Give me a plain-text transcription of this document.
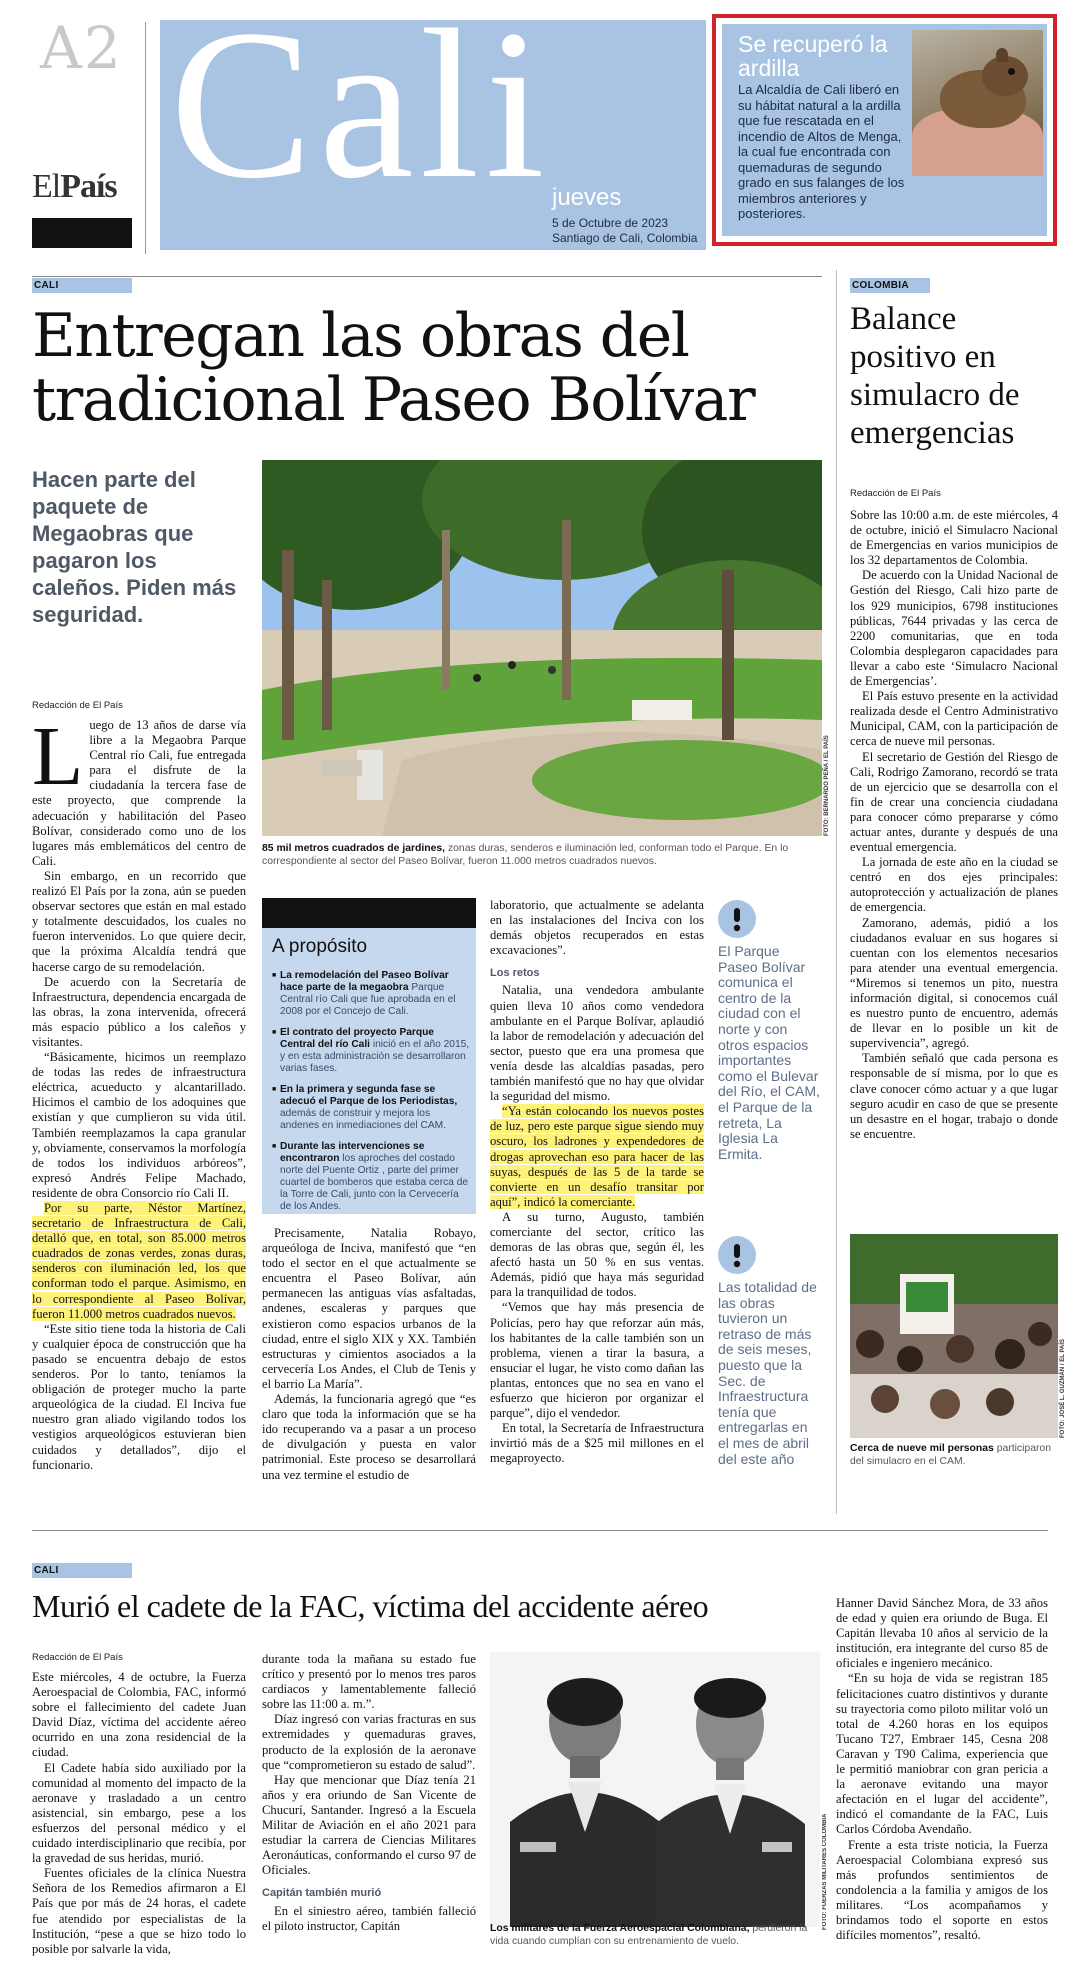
A2
ElPaís Cali jueves
5 de Octubre de 2023
Santiago de Cali, Colombia
Se recuperó la ardilla

La Alcaldía de Cali liberó en su hábitat natural a la ardilla que fue rescatada en el incendio de Altos de Menga, la cual fue encontrada con quemaduras de segundo grado en sus falanges de los miembros anteriores y posteriores.

CALI
Entregan las obras del
tradicional Paseo Bolívar
Hacen parte del paquete de Megaobras que pagaron los caleños. Piden más seguridad.
FOTO: BERNARDO PEÑA / EL PAÍS
85 mil metros cuadrados de jardines, zonas duras, senderos e iluminación led, conforman todo el Parque. En lo correspondiente al sector del Paseo Bolívar, fueron 11.000 metros cuadrados nuevos.
Redacción de El País

Luego de 13 años de darse vía libre a la Megaobra Parque Central río Cali, fue entregada para el disfrute de la ciudadanía la tercera fase de este proyecto, que comprende la adecuación y habilitación del Paseo Bolívar, considerado como uno de los lugares más emblemáticos del centro de Cali.

Sin embargo, en un recorrido que realizó El País por la zona, aún se pueden observar sectores que están en mal estado y totalmente descuidados, los cuales no fueron intervenidos. Lo que quiere decir, que la próxima Alcaldía tendrá que hacerse cargo de su remodelación.

De acuerdo con la Secretaría de Infraestructura, dependencia encargada de las obras, la zona intervenida, ofrecerá más espacio público a los caleños y visitantes.

“Básicamente, hicimos un reemplazo de todas las redes de infraestructura eléctrica, acueducto y alcantarillado. Hicimos el cambio de los adoquines que existían y que cumplieron su vida útil. También reemplazamos la capa granular y, obviamente, conservamos la morfología de todos los individuos arbóreos”, expresó Andrés Felipe Machado, residente de obra Consorcio río Cali II.

Por su parte, Néstor Martínez, secretario de Infraestructura de Cali, detalló que, en total, son 85.000 metros cuadrados de zonas verdes, zonas duras, senderos con iluminación led, los que conforman todo el parque. Asimismo, en lo correspondiente al Paseo Bolívar, fueron 11.000 metros cuadrados nuevos.

“Este sitio tiene toda la historia de Cali y cualquier época de construcción que ha pasado se encuentra debajo de estos senderos. Por lo tanto, teníamos la obligación de proteger mucho la parte arqueológica de la ciudad. El Inciva fue nuestro gran aliado vigilando todos los vestigios arqueológicos estuvieran bien cuidados y detallados”, dijo el funcionario.

A propósito
■ La remodelación del Paseo Bolívar hace parte de la megaobra Parque Central río Cali que fue aprobada en el 2008 por el Concejo de Cali.
■ El contrato del proyecto Parque Central del río Cali inició en el año 2015, y en esta administración se desarrollaron varias fases.
■ En la primera y segunda fase se adecuó el Parque de los Periodistas, además de construir y mejora los andenes en inmediaciones del CAM.
■ Durante las intervenciones se encontraron los aproches del costado norte del Puente Ortiz , parte del primer cuartel de bomberos que estaba cerca de la Torre de Cali, junto con la Cervecería de los Andes.

Precisamente, Natalia Robayo, arqueóloga de Inciva, manifestó que “en todo el sector en el que actualmente se encuentra el Paseo Bolívar, aún permanecen las antiguas vías asfaltadas, andenes, escaleras y parques que existieron como espacios urbanos de la ciudad, entre el siglo XIX y XX. También estructuras y cimientos asociados a la cervecería Los Andes, el Club de Tenis y el barrio La María”.

Además, la funcionaria agregó que “es claro que toda la información que se ha ido recuperando va a pasar a un proceso de divulgación y puesta en valor patrimonial. Este proceso se desarrollará una vez termine el estudio de

laboratorio, que actualmente se adelanta en las instalaciones del Inciva con los demás objetos recuperados en estas excavaciones”.

Los retos

Natalia, una vendedora ambulante quien lleva 10 años como vendedora ambulante en el Parque Bolívar, aplaudió la labor de remodelación y adecuación del sector, puesto que era una promesa que venía desde las alcaldías pasadas, pero también manifestó que no hay que olvidar la seguridad del mismo.

“Ya están colocando los nuevos postes de luz, pero este parque sigue siendo muy oscuro, los ladrones y expendedores de drogas aprovechan eso para hacer de las suyas, después de las 5 de la tarde se convierte en un desafío transitar por aquí”, indicó la comerciante.

A su turno, Augusto, también comerciante del sector, crítico las demoras de las obras que, según él, les afectó hasta un 50 % en sus ventas. Además, pidió que haya más seguridad para la tranquilidad de todos.

“Vemos que hay más presencia de Policías, pero hay que reforzar aún más, los habitantes de la calle también son un problema, vienen a tirar la basura, a ensuciar el lugar, he visto como dañan las plantas, entonces que no sea en vano el esfuerzo que hicieron por organizar el parque”, dijo el vendedor.

En total, la Secretaría de Infraestructura invirtió más de a $25 mil millones en el megaproyecto.

El Parque Paseo Bolívar comunica el centro de la ciudad con el norte y con otros espacios importantes como el Bulevar del Río, el CAM, el Parque de la retreta, La Iglesia La Ermita.
Las totalidad de las obras tuvieron un retraso de más de seis meses, puesto que la Sec. de Infraestructura tenía que entregarlas en el mes de abril del este año
COLOMBIA
Balance positivo en simulacro de emergencias
Redacción de El País

Sobre las 10:00 a.m. de este miércoles, 4 de octubre, inició el Simulacro Nacional de Emergencias en varios municipios de los 32 departamentos de Colombia.

De acuerdo con la Unidad Nacional de Gestión del Riesgo, Cali hizo parte de los 929 municipios, 6798 instituciones públicas, 7644 privadas y las cerca de 2200 comunitarias, que en toda Colombia desplegaron capacidades para llevar a cabo este ‘Simulacro Nacional de Emergencias’.

El País estuvo presente en la actividad realizada desde el Centro Administrativo Municipal, CAM, con la participación de cerca de nueve mil personas.

El secretario de Gestión del Riesgo de Cali, Rodrigo Zamorano, recordó se trata de un ejercicio que se desarrolla con el fin de crear una conciencia ciudadana para conocer cómo prepararse y cómo actuar antes, durante y después de una eventual emergencia.

La jornada de este año en la ciudad se centró en dos ejes principales: autoprotección y actualización de planes de emergencia.

Zamorano, además, pidió a los ciudadanos evaluar en sus hogares si cuentan con los elementos necesarios para atender una eventual emergencia. “Miremos si tenemos un pito, nuestra información digital, si conocemos cuál es nuestro punto de encuentro, además de llevar en lo posible un kit de supervivencia”, agregó.

También señaló que cada persona es responsable de sí misma, por lo que es clave conocer cómo actuar y a que lugar seguro acudir en caso de que se presente un desastre en el hogar, trabajo o donde se encuentre.

FOTO: JOSÉ L. GUZMÁN / EL PAÍS
Cerca de nueve mil personas participaron del simulacro en el CAM.
CALI
Murió el cadete de la FAC, víctima del accidente aéreo
Redacción de El País

Este miércoles, 4 de octubre, la Fuerza Aeroespacial de Colombia, FAC, informó sobre el fallecimiento del cadete Juan David Díaz, víctima del accidente aéreo ocurrido en una zona residencial de la ciudad.

El Cadete había sido auxiliado por la comunidad al momento del impacto de la aeronave y trasladado a un centro asistencial, sin embargo, pese a los esfuerzos del personal médico y el cuidado interdisciplinario que recibía, por la gravedad de sus heridas, murió.

Fuentes oficiales de la clínica Nuestra Señora de los Remedios afirmaron a El País que por más de 24 horas, el cadete fue atendido por especialistas de la Institución, “pese a que se hizo todo lo posible por salvarle la vida,

durante toda la mañana su estado fue crítico y presentó por lo menos tres paros cardiacos y lamentablemente falleció sobre las 11:00 a. m.”.

Díaz ingresó con varias fracturas en sus extremidades y quemaduras graves, producto de la explosión de la aeronave que “comprometieron su estado de salud”.

Hay que mencionar que Díaz tenía 21 años y era oriundo de San Vicente de Chucurí, Santander. Ingresó a la Escuela Militar de Aviación en el año 2021 para estudiar la carrera de Ciencias Militares Aeronáuticas, conformando el curso 97 de Oficiales.

Capitán también murió

En el siniestro aéreo, también falleció el piloto instructor, Capitán	Los militares de la Fuerza Aeroespacial Colombiana, perdieron la vida cuando cumplían con su entrenamiento de vuelo.
FOTO: FUERZAS MILITARES COLOMBIA

Hanner David Sánchez Mora, de 33 años de edad y quien era oriundo de Buga. El Capitán llevaba 10 años al servicio de la institución, era integrante del curso 85 de oficiales e ingeniero mecánico.

“En su hoja de vida se registran 185 felicitaciones cuatro distintivos y durante su trayectoria como piloto militar voló un total de 4.260 horas en los equipos Tucano T27, Embraer 145, Cesna 208 Caravan y T90 Calima, experiencia que le permitió maniobrar con gran pericia a la aeronave evitando una mayor afectación en el lugar del accidente”, indicó el comandante de la FAC, Luis Carlos Córdoba Avendaño.

Frente a esta triste noticia, la Fuerza Aeroespacial Colombiana expresó sus más profundos sentimientos de condolencia a la familia y amigos de los militares. “Los acompañamos y brindamos todo el soporte en estos difíciles momentos”, resaltó.
